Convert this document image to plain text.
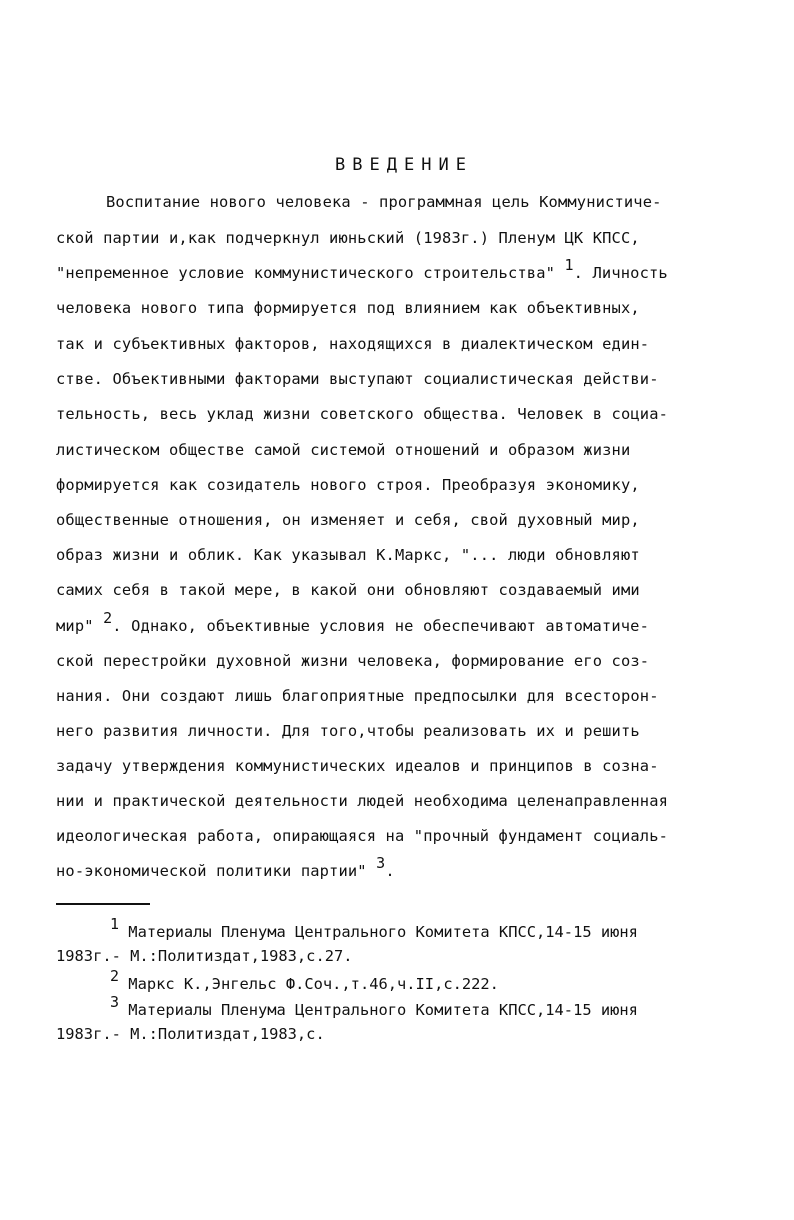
ВВЕДЕНИЕ
Воспитание нового человека - программная цель Коммунистиче-
ской партии и,как подчеркнул июньский (1983г.) Пленум ЦК КПСС,
"непременное условие коммунистического строительства" 1. Личность
человека нового типа формируется под влиянием как объективных,
так и субъективных факторов, находящихся в диалектическом един-
стве. Объективными факторами выступают социалистическая действи-
тельность, весь уклад жизни советского общества. Человек в социа-
листическом обществе самой системой отношений и образом жизни
формируется как созидатель нового строя. Преобразуя экономику,
общественные отношения, он изменяет и себя, свой духовный мир,
образ жизни и облик. Как указывал К.Маркс, "... люди обновляют
самих себя в такой мере, в какой они обновляют создаваемый ими
мир" 2. Однако, объективные условия не обеспечивают автоматиче-
ской перестройки духовной жизни человека, формирование его соз-
нания. Они создают лишь благоприятные предпосылки для всесторон-
него развития личности. Для того,чтобы реализовать их и решить
задачу утверждения коммунистических идеалов и принципов в созна-
нии и практической деятельности людей необходима целенаправленная
идеологическая работа, опирающаяся на "прочный фундамент социаль-
но-экономической политики партии" 3.
1 Материалы Пленума Центрального Комитета КПСС,14-15 июня
1983г.- М.:Политиздат,1983,с.27.
2 Маркс К.,Энгельс Ф.Соч.,т.46,ч.II,с.222.
3 Материалы Пленума Центрального Комитета КПСС,14-15 июня
1983г.- М.:Политиздат,1983,с.
